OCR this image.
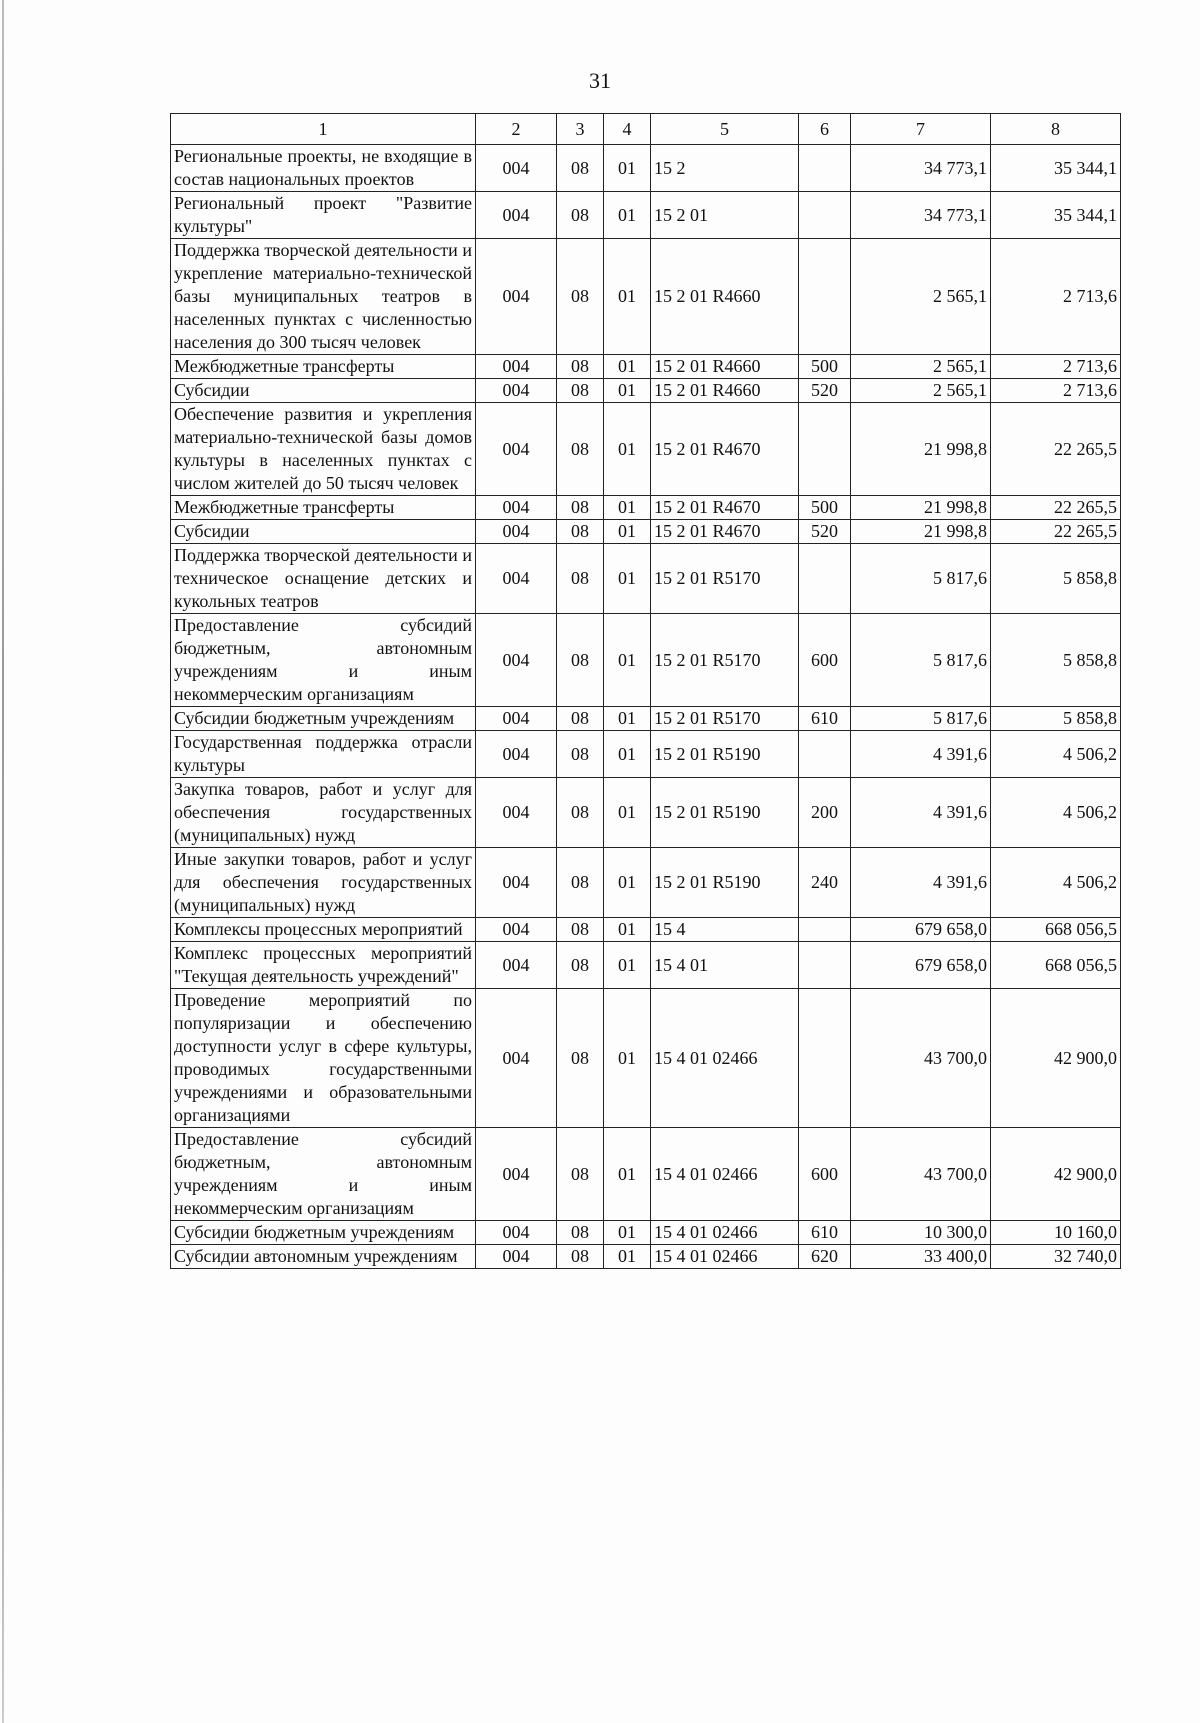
31
1	2	3	4	5	6	7	8
Региональные проекты, не входящие в состав национальных проектов	004	08	01	15 2		34 773,1	35 344,1
Региональный проект "Развитие культуры"	004	08	01	15 2 01		34 773,1	35 344,1
Поддержка творческой деятельности и укрепление материально-технической базы муниципальных театров в населенных пунктах с численностью населения до 300 тысяч человек	004	08	01	15 2 01 R4660		2 565,1	2 713,6
Межбюджетные трансферты	004	08	01	15 2 01 R4660	500	2 565,1	2 713,6
Субсидии	004	08	01	15 2 01 R4660	520	2 565,1	2 713,6
Обеспечение развития и укрепления материально-технической базы домов культуры в населенных пунктах с числом жителей до 50 тысяч человек	004	08	01	15 2 01 R4670		21 998,8	22 265,5
Межбюджетные трансферты	004	08	01	15 2 01 R4670	500	21 998,8	22 265,5
Субсидии	004	08	01	15 2 01 R4670	520	21 998,8	22 265,5
Поддержка творческой деятельности и техническое оснащение детских и кукольных театров	004	08	01	15 2 01 R5170		5 817,6	5 858,8
Предоставление субсидий бюджетным, автономным учреждениям и иным некоммерческим организациям	004	08	01	15 2 01 R5170	600	5 817,6	5 858,8
Субсидии бюджетным учреждениям	004	08	01	15 2 01 R5170	610	5 817,6	5 858,8
Государственная поддержка отрасли культуры	004	08	01	15 2 01 R5190		4 391,6	4 506,2
Закупка товаров, работ и услуг для обеспечения государственных (муниципальных) нужд	004	08	01	15 2 01 R5190	200	4 391,6	4 506,2
Иные закупки товаров, работ и услуг для обеспечения государственных (муниципальных) нужд	004	08	01	15 2 01 R5190	240	4 391,6	4 506,2
Комплексы процессных мероприятий	004	08	01	15 4		679 658,0	668 056,5
Комплекс процессных мероприятий "Текущая деятельность учреждений"	004	08	01	15 4 01		679 658,0	668 056,5
Проведение мероприятий по популяризации и обеспечению доступности услуг в сфере культуры, проводимых государственными учреждениями и образовательными организациями	004	08	01	15 4 01 02466		43 700,0	42 900,0
Предоставление субсидий бюджетным, автономным учреждениям и иным некоммерческим организациям	004	08	01	15 4 01 02466	600	43 700,0	42 900,0
Субсидии бюджетным учреждениям	004	08	01	15 4 01 02466	610	10 300,0	10 160,0
Субсидии автономным учреждениям	004	08	01	15 4 01 02466	620	33 400,0	32 740,0
